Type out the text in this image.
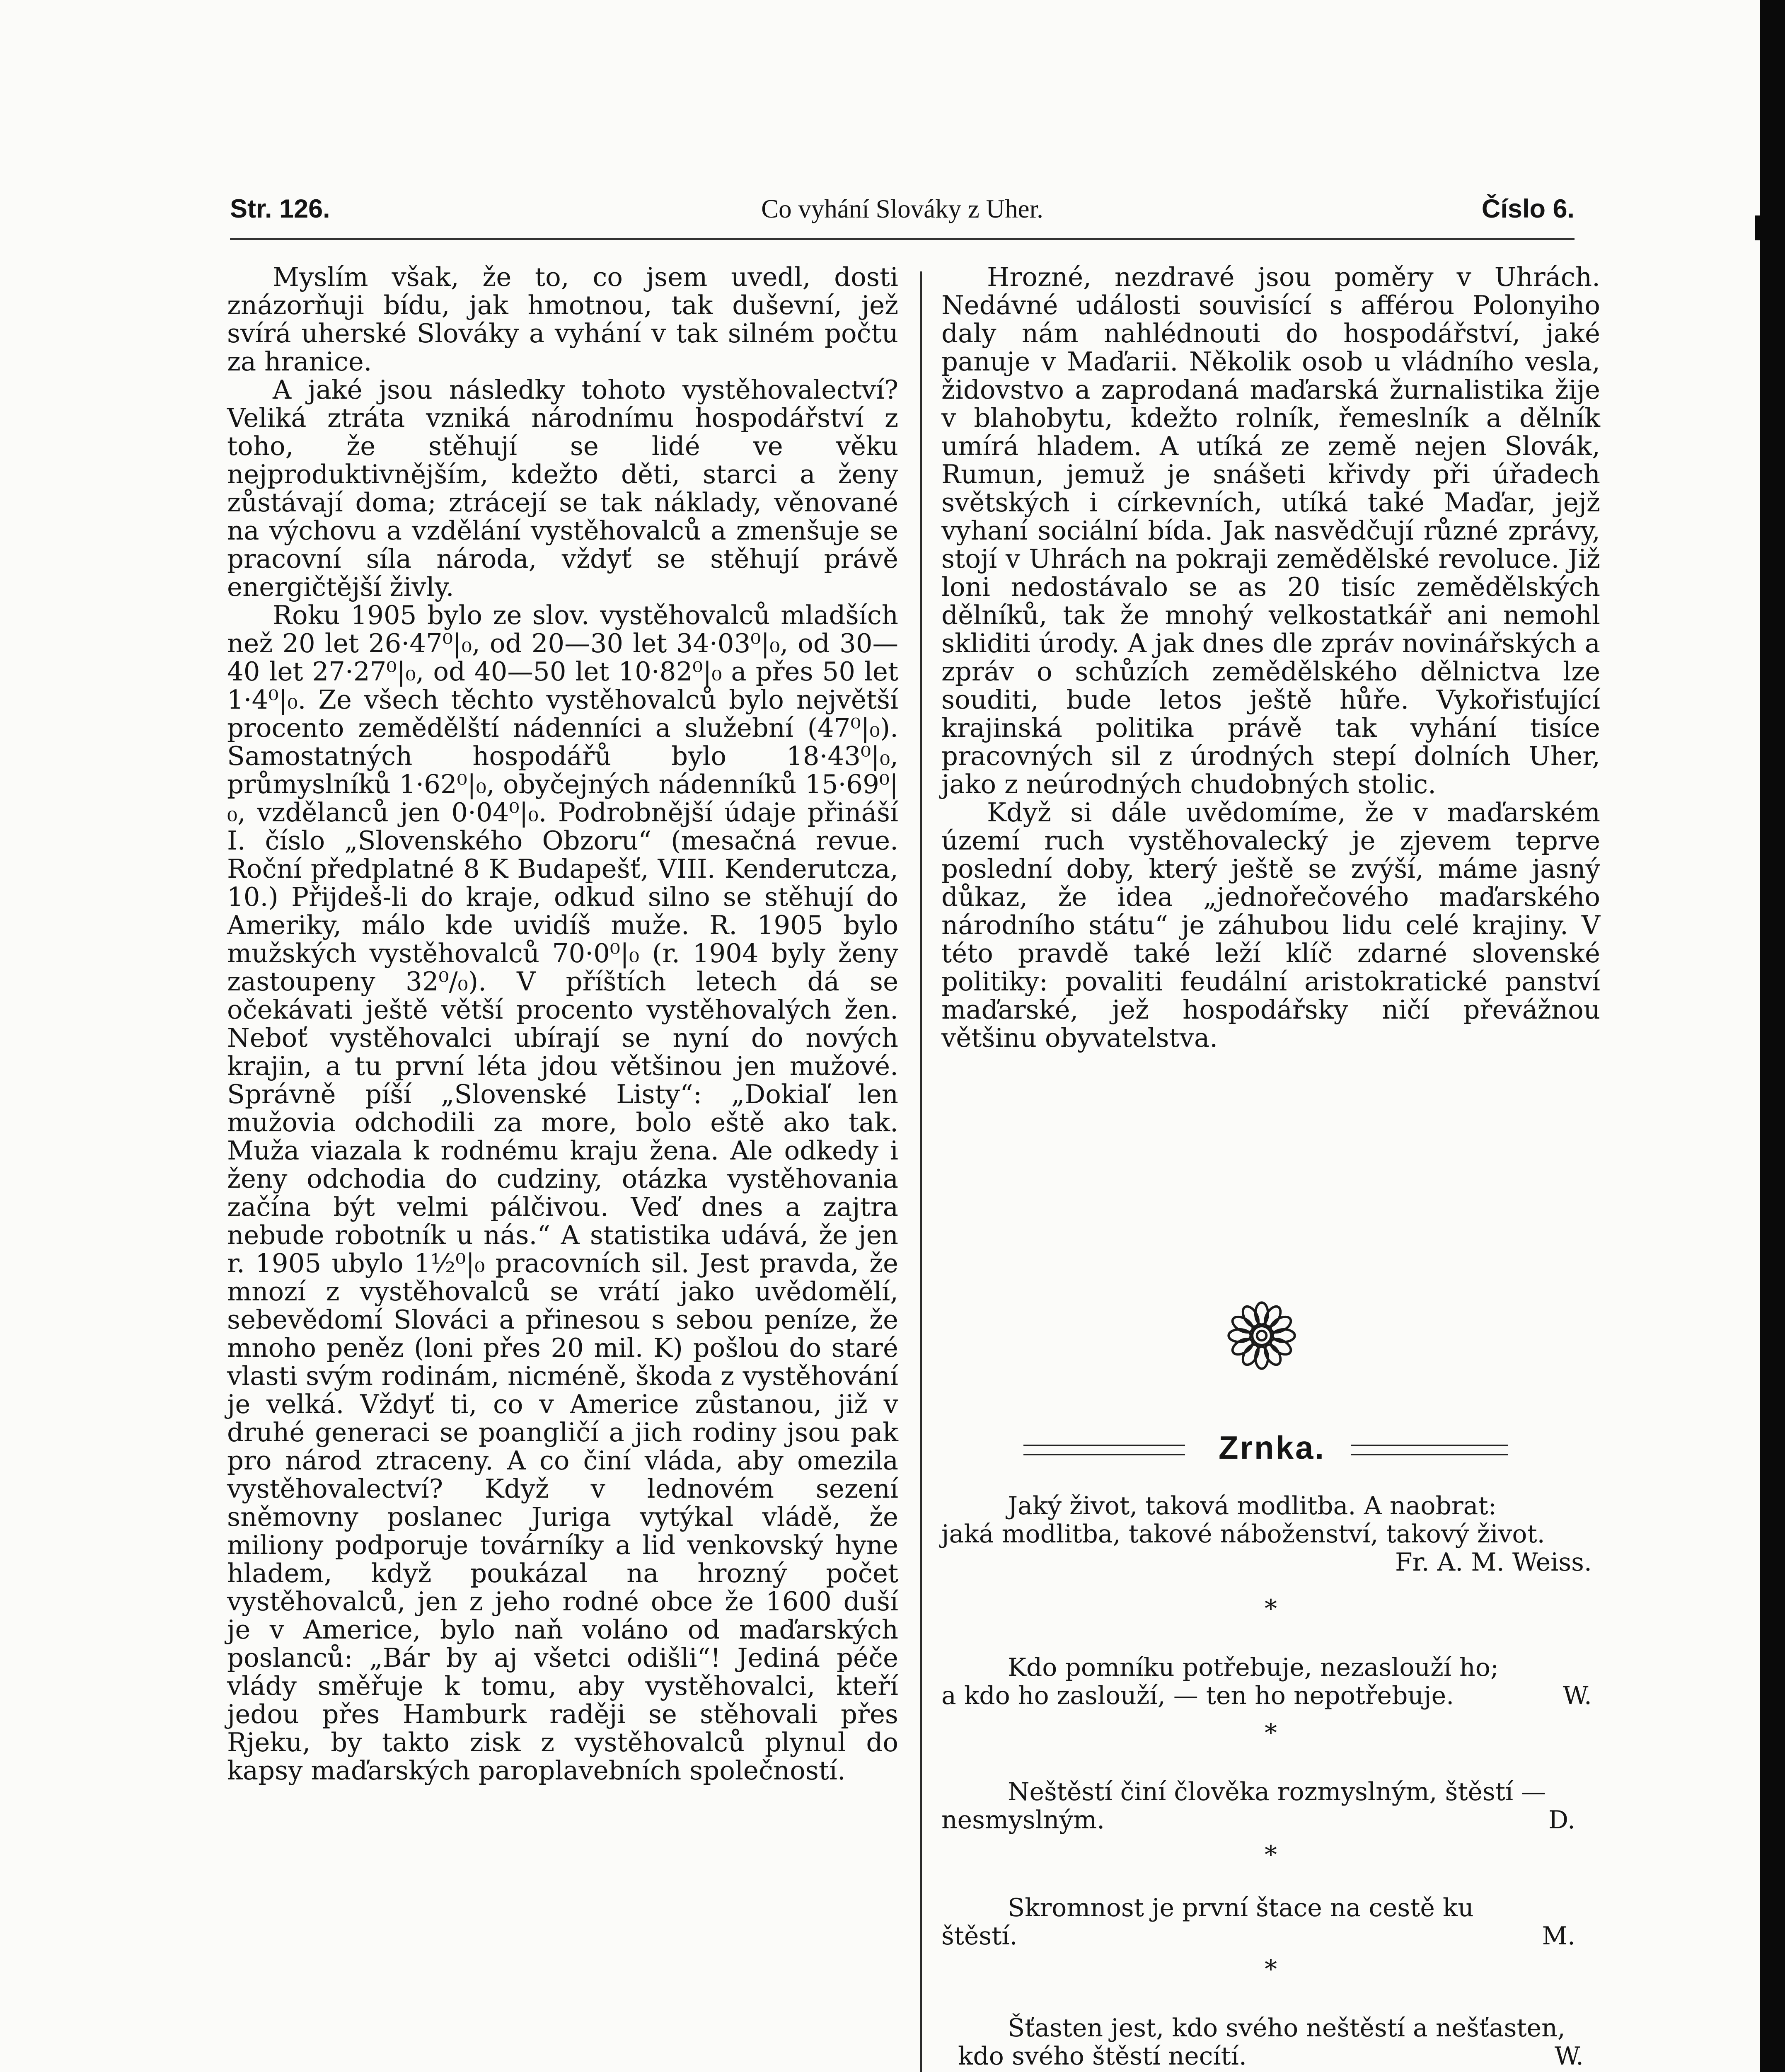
Co vyhání Slováky z Uher.
Str. 126.	Číslo 6.

Myslím však, že to, co jsem uvedl, dosti znázorňuji bídu, jak hmotnou, tak duševní, jež svírá uherské Slováky a vyhání v tak silném počtu za hranice.

A jaké jsou následky tohoto vystěhovalectví? Veliká ztráta vzniká národnímu hospodářství z toho, že stěhují se lidé ve věku nejproduktivnějším, kdežto děti, starci a ženy zůstávají doma; ztrácejí se tak náklady, věnované na výchovu a vzdělání vystěhovalců a zmenšuje se pracovní síla národa, vždyť se stěhují právě energičtější živly.

Roku 1905 bylo ze slov. vystěhovalců mladších než 20 let 26·47⁰|₀, od 20—30 let 34·03⁰|₀, od 30—40 let 27·27⁰|₀, od 40—50 let 10·82⁰|₀ a přes 50 let 1·4⁰|₀. Ze všech těchto vystěhovalců bylo největší procento zemědělští nádenníci a služební (47⁰|₀). Samostatných hospodářů bylo 18·43⁰|₀, průmyslníků 1·62⁰|₀, obyčejných nádenníků 15·69⁰|₀, vzdělanců jen 0·04⁰|₀. Podrobnější údaje přináší I. číslo „Slovenského Obzoru“ (mesačná revue. Roční předplatné 8 K Budapešť, VIII. Kenderutcza, 10.) Přijdeš-li do kraje, odkud silno se stěhují do Ameriky, málo kde uvidíš muže. R. 1905 bylo mužských vystěhovalců 70·0⁰|₀ (r. 1904 byly ženy zastoupeny 32⁰/₀). V příštích letech dá se očekávati ještě větší procento vystěhovalých žen. Neboť vystěhovalci ubírají se nyní do nových krajin, a tu první léta jdou většinou jen mužové. Správně píší „Slovenské Listy“: „Dokiaľ len mužovia odchodili za more, bolo eště ako tak. Muža viazala k rodnému kraju žena. Ale odkedy i ženy odchodia do cudziny, otázka vystěhovania začína být velmi pálčivou. Veď dnes a zajtra nebude robotník u nás.“ A statistika udává, že jen r. 1905 ubylo 1½⁰|₀ pracovních sil. Jest pravda, že mnozí z vystěhovalců se vrátí jako uvědomělí, sebevědomí Slováci a přinesou s sebou peníze, že mnoho peněz (loni přes 20 mil. K) pošlou do staré vlasti svým rodinám, nicméně, škoda z vystěhování je velká. Vždyť ti, co v Americe zůstanou, již v druhé generaci se poangličí a jich rodiny jsou pak pro národ ztraceny. A co činí vláda, aby omezila vystěhovalectví? Když v lednovém sezení sněmovny poslanec Juriga vytýkal vládě, že miliony podporuje továrníky a lid venkovský hyne hladem, když poukázal na hrozný počet vystěhovalců, jen z jeho rodné obce že 1600 duší je v Americe, bylo naň voláno od maďarských poslanců: „Bár by aj všetci odišli“! Jediná péče vlády směřuje k tomu, aby vystěhovalci, kteří jedou přes Hamburk raději se stěhovali přes Rjeku, by takto zisk z vystěhovalců plynul do kapsy maďarských paroplavebních společností.

Hrozné, nezdravé jsou poměry v Uhrách. Nedávné události souvisící s afférou Polonyiho daly nám nahlédnouti do hospodářství, jaké panuje v Maďarii. Několik osob u vládního vesla, židovstvo a zaprodaná maďarská žurnalistika žije v blahobytu, kdežto rolník, řemeslník a dělník umírá hladem. A utíká ze země nejen Slovák, Rumun, jemuž je snášeti křivdy při úřadech světských i církevních, utíká také Maďar, jejž vyhaní sociální bída. Jak nasvědčují různé zprávy, stojí v Uhrách na pokraji zemědělské revoluce. Již loni nedostávalo se as 20 tisíc zemědělských dělníků, tak že mnohý velkostatkář ani nemohl skliditi úrody. A jak dnes dle zpráv novinářských a zpráv o schůzích zemědělského dělnictva lze souditi, bude letos ještě hůře. Vykořisťující krajinská politika právě tak vyhání tisíce pracovných sil z úrodných stepí dolních Uher, jako z neúrodných chudobných stolic.

Když si dále uvědomíme, že v maďarském území ruch vystěhovalecký je zjevem teprve poslední doby, který ještě se zvýší, máme jasný důkaz, že idea „jednořečového maďarského národního státu“ je záhubou lidu celé krajiny. V této pravdě také leží klíč zdarné slovenské politiky: povaliti feudální aristokratické panství maďarské, jež hospodářsky ničí převážnou většinu obyvatelstva.

Zrnka.
Jaký život, taková modlitba. A naobrat:
jaká modlitba, takové náboženství, takový život.
Fr. A. M. Weiss.
*
Kdo pomníku potřebuje, nezaslouží ho;
a kdo ho zaslouží, — ten ho nepotřebuje.	W.
*
Neštěstí činí člověka rozmyslným, štěstí —
nesmyslným.	D.
*
Skromnost je první štace na cestě ku
štěstí.	M.
*
Šťasten jest, kdo svého neštěstí a nešťasten,
kdo svého štěstí necítí.	W.
